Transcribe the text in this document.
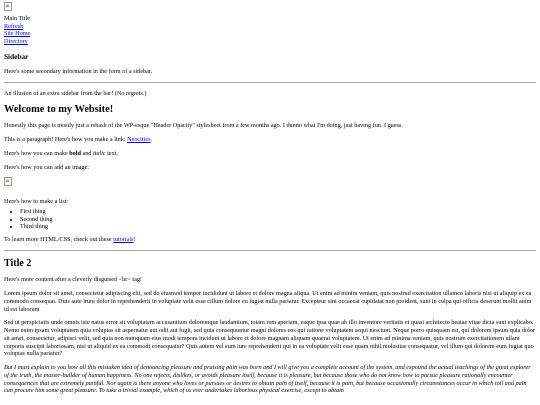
Main Title
Refresh
Site Home
Directory
Sidebar

Here's some secondary information in the form of a sidebar.

An illusion of an extra sidebar from the bar! (No regrets.)

Welcome to my Website!

Honestly this page is mostly just a rehash of the WP-esque "Header Opacity" stylesheet from a few months ago. I dunno what I'm doing, just having fun. I guess.

This is a paragraph! Here's how you make a link: Neocities.

Here's how you can make bold and italic text.

Here's how you can add an image:

Here's how to make a list:

• First thing
• Second thing
• Third thing

To learn more HTML/CSS, check out these tutorials!

Title 2

Here's more content after a cleverly disguised <hr> tag!

Lorem ipsum dolor sit amet, consectetur adipiscing elit, sed do eiusmod tempor incididunt ut labore et dolore magna aliqua. Ut enim ad minim veniam, quis nostrud exercitation ullamco laboris nisi ut aliquip ex ea commodo consequat. Duis aute irure dolor in reprehenderit in voluptate velit esse cillum dolore eu fugiat nulla pariatur. Excepteur sint occaecat cupidatat non proident, sunt in culpa qui officia deserunt mollit anim id est laborum

Sed ut perspiciatis unde omnis iste natus error sit voluptatem accusantium doloremque laudantium, totam rem aperiam, eaque ipsa quae ab illo inventore veritatis et quasi architecto beatae vitae dicta sunt explicabo. Nemo enim ipsam voluptatem quia voluptas sit aspernatur aut odit aut fugit, sed quia consequuntur magni dolores eos qui ratione voluptatem sequi nesciunt. Neque porro quisquam est, qui dolorem ipsum quia dolor sit amet, consectetur, adipisci velit, sed quia non numquam eius modi tempora incidunt ut labore et dolore magnam aliquam quaerat voluptatem. Ut enim ad minima veniam, quis nostrum exercitationem ullam corporis suscipit laboriosam, nisi ut aliquid ex ea commodi consequatur? Quis autem vel eum iure reprehenderit qui in ea voluptate velit esse quam nihil molestiae consequatur, vel illum qui dolorem eum fugiat quo voluptas nulla pariatur?

But I must explain to you how all this mistaken idea of denouncing pleasure and praising pain was born and I will give you a complete account of the system, and expound the actual teachings of the great explorer of the truth, the master-builder of human happiness. No one rejects, dislikes, or avoids pleasure itself, because it is pleasure, but because those who do not know how to pursue pleasure rationally encounter consequences that are extremely painful. Nor again is there anyone who loves or pursues or desires to obtain pain of itself, because it is pain, but because occasionally circumstances occur in which toil and pain can procure him some great pleasure. To take a trivial example, which of us ever undertakes laborious physical exercise, except to obtain
